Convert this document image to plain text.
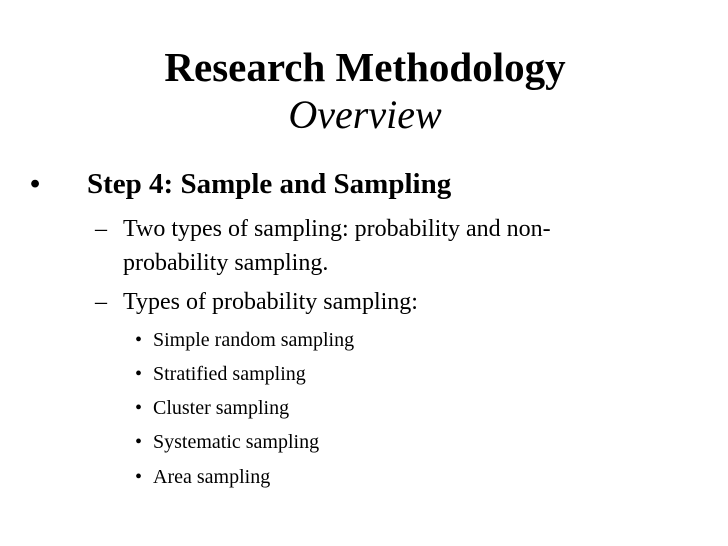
Research Methodology
Overview
• Step 4: Sample and Sampling
– Two types of sampling: probability and non-
probability sampling.
– Types of probability sampling:
• Simple random sampling
• Stratified sampling
• Cluster sampling
• Systematic sampling
• Area sampling
